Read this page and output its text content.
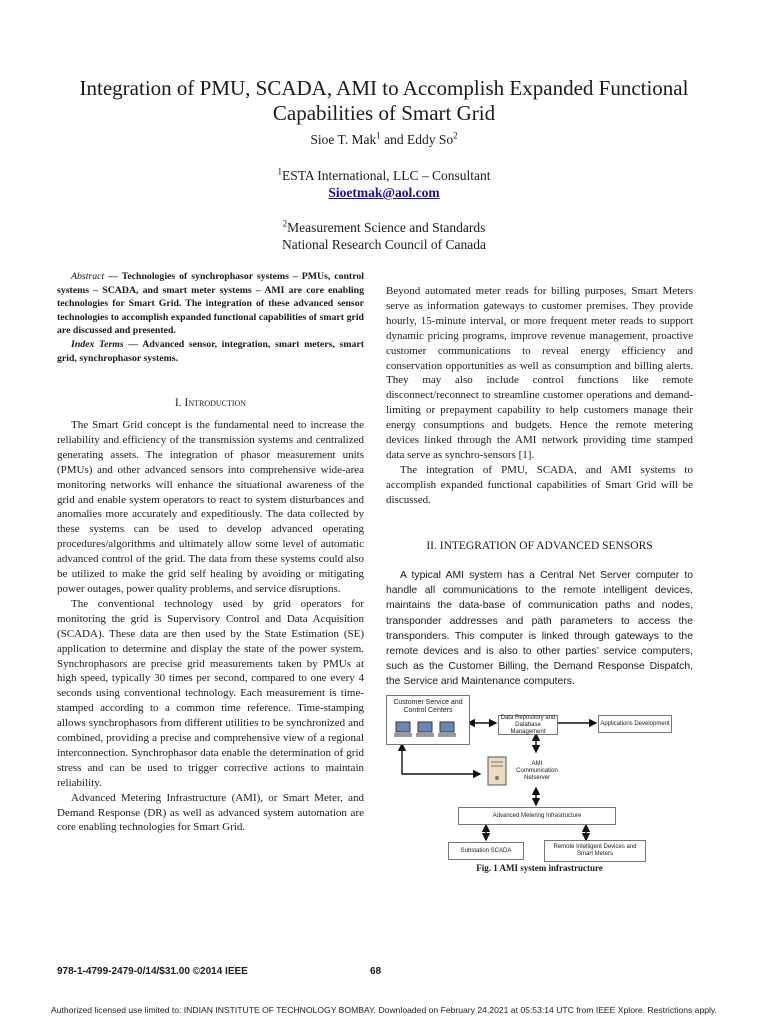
Integration of PMU, SCADA, AMI to Accomplish Expanded Functional
Capabilities of Smart Grid
Sioe T. Mak$^1$ and Eddy So$^2$
$^1$ESTA International, LLC – Consultant
Sioetmak@aol.com
$^2$Measurement Science and Standards
National Research Council of Canada

Abstract — Technologies of synchrophasor systems – PMUs, control systems – SCADA, and smart meter systems – AMI are core enabling technologies for Smart Grid. The integration of these advanced sensor technologies to accomplish expanded functional capabilities of smart grid are discussed and presented.

Index Terms — Advanced sensor, integration, smart meters, smart grid, synchrophasor systems.

I. Introduction

The Smart Grid concept is the fundamental need to increase the reliability and efficiency of the transmission systems and centralized generating assets. The integration of phasor measurement units (PMUs) and other advanced sensors into comprehensive wide-area monitoring networks will enhance the situational awareness of the grid and enable system operators to react to system disturbances and anomalies more accurately and expeditiously. The data collected by these systems can be used to develop advanced operating procedures/algorithms and ultimately allow some level of automatic advanced control of the grid. The data from these systems could also be utilized to make the grid self healing by avoiding or mitigating power outages, power quality problems, and service disruptions.

The conventional technology used by grid operators for monitoring the grid is Supervisory Control and Data Acquisition (SCADA). These data are then used by the State Estimation (SE) application to determine and display the state of the power system. Synchrophasors are precise grid measurements taken by PMUs at high speed, typically 30 times per second, compared to one every 4 seconds using conventional technology. Each measurement is time-stamped according to a common time reference. Time-stamping allows synchrophasors from different utilities to be synchronized and combined, providing a precise and comprehensive view of a regional interconnection. Synchrophasor data enable the determination of grid stress and can be used to trigger corrective actions to maintain reliability.

Advanced Metering Infrastructure (AMI), or Smart Meter, and Demand Response (DR) as well as advanced system automation are core enabling technologies for Smart Grid.

Beyond automated meter reads for billing purposes, Smart Meters serve as information gateways to customer premises. They provide hourly, 15-minute interval, or more frequent meter reads to support dynamic pricing programs, improve revenue management, proactive customer communications to reveal energy efficiency and conservation opportunities as well as consumption and billing alerts. They may also include control functions like remote disconnect/reconnect to streamline customer operations and demand-limiting or prepayment capability to help customers manage their energy consumptions and budgets. Hence the remote metering devices linked through the AMI network providing time stamped data serve as synchro-sensors [1].

The integration of PMU, SCADA, and AMI systems to accomplish expanded functional capabilities of Smart Grid will be discussed.

II. INTEGRATION OF ADVANCED SENSORS

A typical AMI system has a Central Net Server computer to handle all communications to the remote intelligent devices, maintains the data-base of communication paths and nodes, transponder addresses and path parameters to access the transponders. This computer is linked through gateways to the remote devices and is also to other parties’ service computers, such as the Customer Billing, the Demand Response Dispatch, the Service and Maintenance computers.

Customer Service and Control Centers
Data Repository and Database Management
Applications Development
AMI Communication Netserver
Advanced Metering Infrastructure
Substation SCADA
Remote Intelligent Devices and Smart Meters
Fig. 1 AMI system infrastructure
978-1-4799-2479-0/14/$31.00 ©2014 IEEE	68
Authorized licensed use limited to: INDIAN INSTITUTE OF TECHNOLOGY BOMBAY. Downloaded on February 24,2021 at 05:53:14 UTC from IEEE Xplore. Restrictions apply.
